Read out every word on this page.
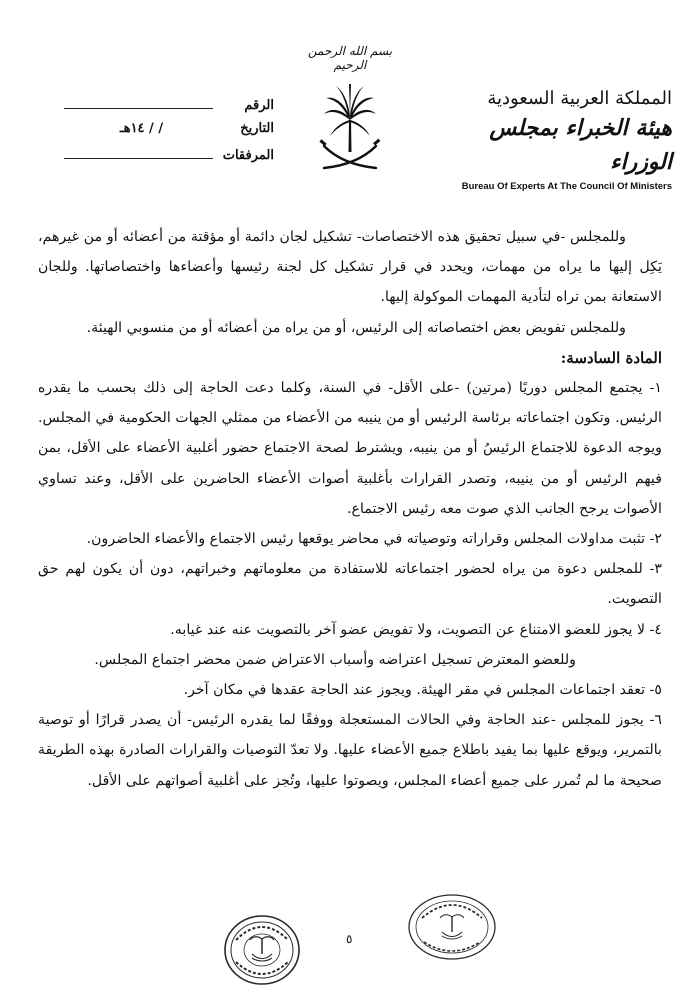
بسم الله الرحمن الرحيم
المملكة العربية السعودية
هيئة الخبراء بمجلس الوزراء
Bureau Of Experts At The Council Of Ministers
الرقم
التاريخ
/ / ١٤هـ
المرفقات

وللمجلس -في سبيل تحقيق هذه الاختصاصات- تشكيل لجان دائمة أو مؤقتة من أعضائه أو من غيرهم، يَكِل إليها ما يراه من مهمات، ويحدد في قرار تشكيل كل لجنة رئيسها وأعضاءها واختصاصاتها. وللجان الاستعانة بمن تراه لتأدية المهمات الموكولة إليها.

وللمجلس تفويض بعض اختصاصاته إلى الرئيس، أو من يراه من أعضائه أو من منسوبي الهيئة.

المادة السادسة:

١- يجتمع المجلس دوريًا (مرتين) -على الأقل- في السنة، وكلما دعت الحاجة إلى ذلك بحسب ما يقدره الرئيس. وتكون اجتماعاته برئاسة الرئيس أو من ينيبه من الأعضاء من ممثلي الجهات الحكومية في المجلس. ويوجه الدعوة للاجتماع الرئيسُ أو من ينيبه، ويشترط لصحة الاجتماع حضور أغلبية الأعضاء على الأقل، بمن فيهم الرئيس أو من ينيبه، وتصدر القرارات بأغلبية أصوات الأعضاء الحاضرين على الأقل، وعند تساوي الأصوات يرجح الجانب الذي صوت معه رئيس الاجتماع.

٢- تثبت مداولات المجلس وقراراته وتوصياته في محاضر يوقعها رئيس الاجتماع والأعضاء الحاضرون.

٣- للمجلس دعوة من يراه لحضور اجتماعاته للاستفادة من معلوماتهم وخبراتهم، دون أن يكون لهم حق التصويت.

٤- لا يجوز للعضو الامتناع عن التصويت، ولا تفويض عضو آخر بالتصويت عنه عند غيابه.

وللعضو المعترض تسجيل اعتراضه وأسباب الاعتراض ضمن محضر اجتماع المجلس.

٥- تعقد اجتماعات المجلس في مقر الهيئة. ويجوز عند الحاجة عقدها في مكان آخر.

٦- يجوز للمجلس -عند الحاجة وفي الحالات المستعجلة ووفقًا لما يقدره الرئيس- أن يصدر قرارًا أو توصية بالتمرير، ويوقع عليها بما يفيد باطلاع جميع الأعضاء عليها. ولا تعدّ التوصيات والقرارات الصادرة بهذه الطريقة صحيحة ما لم تُمرر على جميع أعضاء المجلس، ويصوتوا عليها، وتُجز على أغلبية أصواتهم على الأقل.

٥
